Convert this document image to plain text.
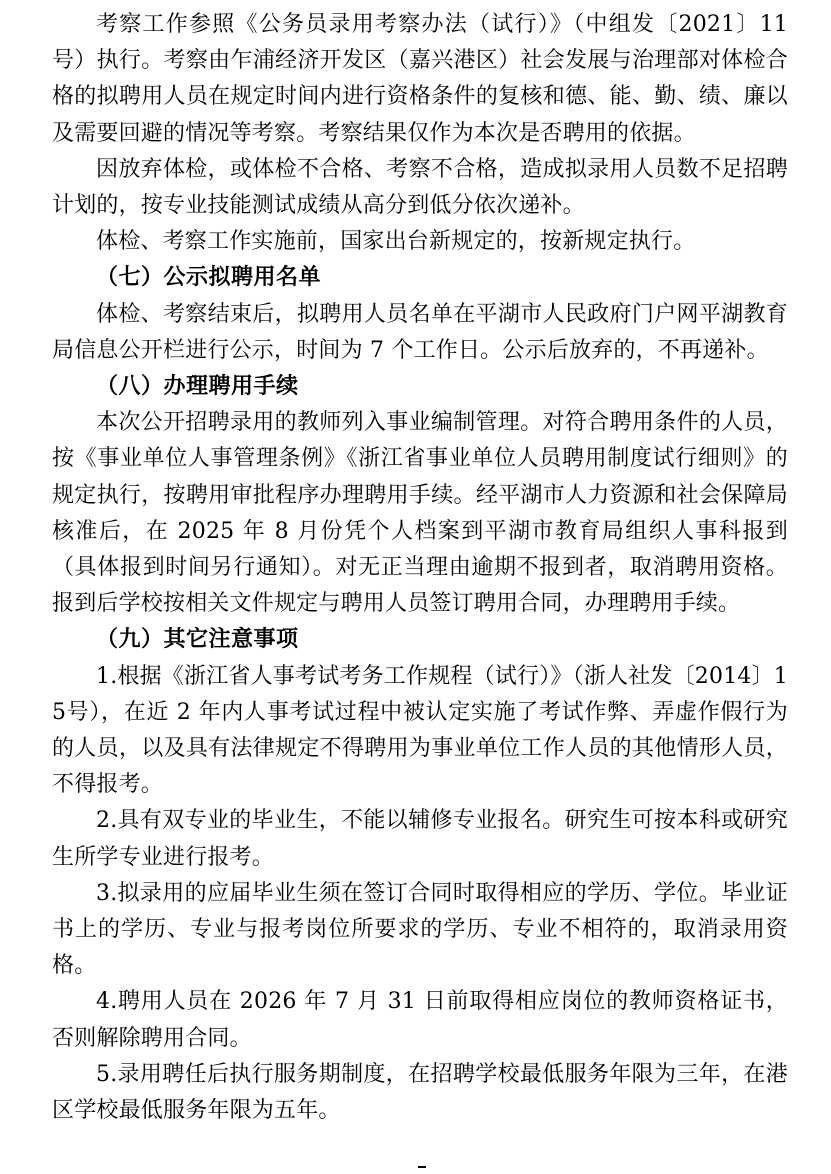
考察工作参照《公务员录用考察办法（试行）》（中组发〔2021〕11号）执行。考察由乍浦经济开发区（嘉兴港区）社会发展与治理部对体检合格的拟聘用人员在规定时间内进行资格条件的复核和德、能、勤、绩、廉以及需要回避的情况等考察。考察结果仅作为本次是否聘用的依据。

因放弃体检，或体检不合格、考察不合格，造成拟录用人员数不足招聘计划的，按专业技能测试成绩从高分到低分依次递补。

体检、考察工作实施前，国家出台新规定的，按新规定执行。

（七）公示拟聘用名单

体检、考察结束后，拟聘用人员名单在平湖市人民政府门户网平湖教育局信息公开栏进行公示，时间为 7 个工作日。公示后放弃的，不再递补。

（八）办理聘用手续

本次公开招聘录用的教师列入事业编制管理。对符合聘用条件的人员，按《事业单位人事管理条例》《浙江省事业单位人员聘用制度试行细则》的规定执行，按聘用审批程序办理聘用手续。经平湖市人力资源和社会保障局核准后，在 2025 年 8 月份凭个人档案到平湖市教育局组织人事科报到（具体报到时间另行通知）。对无正当理由逾期不报到者，取消聘用资格。报到后学校按相关文件规定与聘用人员签订聘用合同，办理聘用手续。

（九）其它注意事项

1.根据《浙江省人事考试考务工作规程（试行）》（浙人社发〔2014〕15号），在近 2 年内人事考试过程中被认定实施了考试作弊、弄虚作假行为的人员，以及具有法律规定不得聘用为事业单位工作人员的其他情形人员，不得报考。

2.具有双专业的毕业生，不能以辅修专业报名。研究生可按本科或研究生所学专业进行报考。

3.拟录用的应届毕业生须在签订合同时取得相应的学历、学位。毕业证书上的学历、专业与报考岗位所要求的学历、专业不相符的，取消录用资格。

4.聘用人员在 2026 年 7 月 31 日前取得相应岗位的教师资格证书，否则解除聘用合同。

5.录用聘任后执行服务期制度，在招聘学校最低服务年限为三年，在港区学校最低服务年限为五年。
